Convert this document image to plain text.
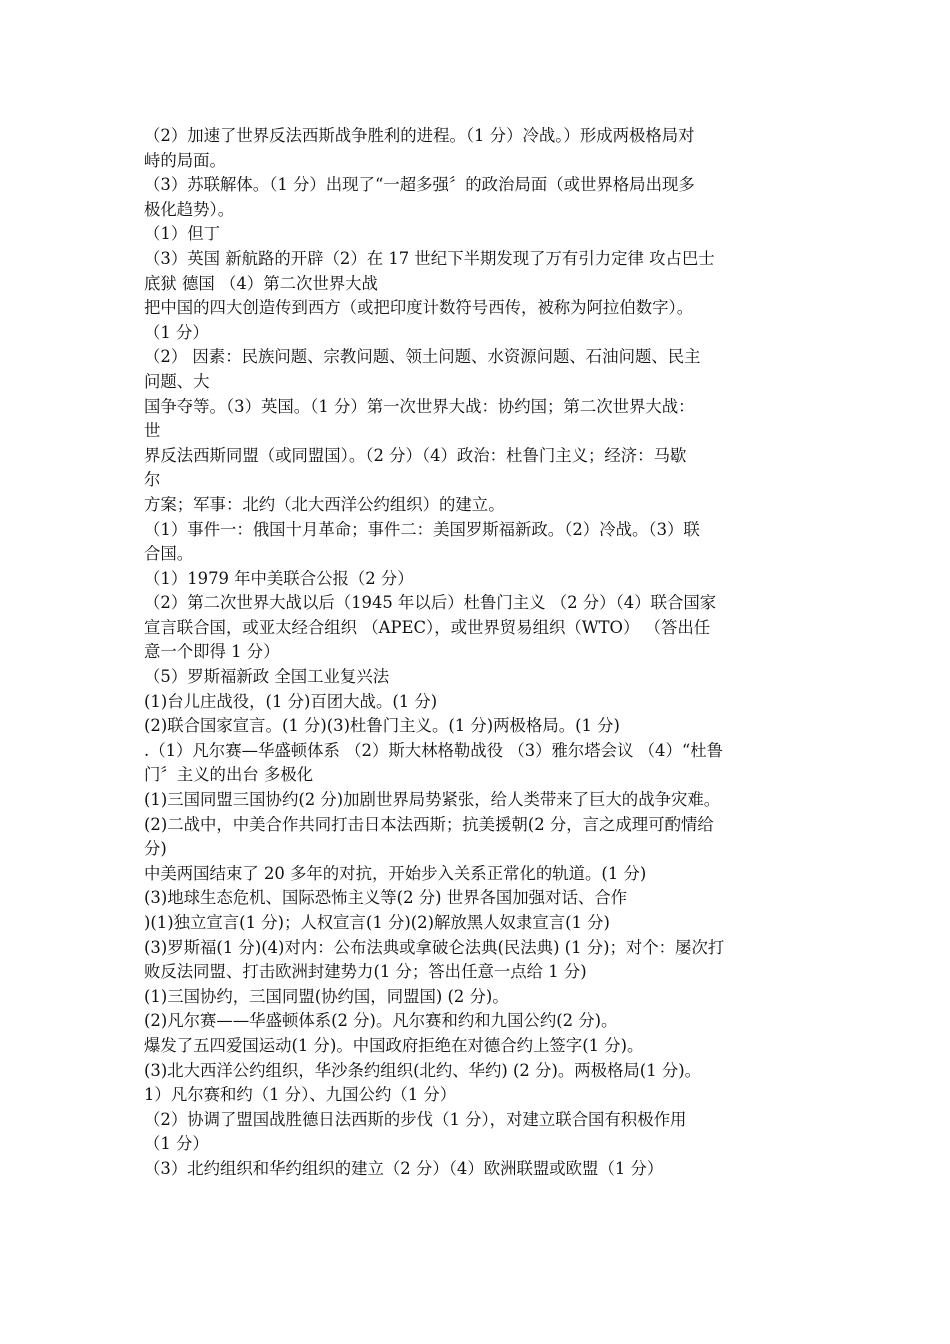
（2）加速了世界反法西斯战争胜利的进程。（1 分）冷战。）形成两极格局对
峙的局面。
（3）苏联解体。（1 分）出现了“一超多强〞的政治局面（或世界格局出现多
极化趋势）。
（1）但丁
（3）英国 新航路的开辟（2）在 17 世纪下半期发现了万有引力定律 攻占巴士
底狱 德国 （4）第二次世界大战
把中国的四大创造传到西方（或把印度计数符号西传，被称为阿拉伯数字）。
（1 分）
（2） 因素：民族问题、宗教问题、领土问题、水资源问题、石油问题、民主
问题、大
国争夺等。（3）英国。（1 分）第一次世界大战：协约国；第二次世界大战：
世
界反法西斯同盟（或同盟国）。（2 分）（4）政治：杜鲁门主义；经济：马歇
尔
方案；军事：北约（北大西洋公约组织）的建立。
（1）事件一：俄国十月革命；事件二：美国罗斯福新政。（2）冷战。（3）联
合国。
（1）1979 年中美联合公报（2 分）
（2）第二次世界大战以后（1945 年以后）杜鲁门主义 （2 分）（4）联合国家
宣言联合国，或亚太经合组织 （APEC），或世界贸易组织（WTO） （答出任
意一个即得 1 分）
（5）罗斯福新政 全国工业复兴法
(1)台儿庄战役，(1 分)百团大战。(1 分)
(2)联合国家宣言。(1 分)(3)杜鲁门主义。(1 分)两极格局。(1 分)
.（1）凡尔赛—华盛顿体系 （2）斯大林格勒战役 （3）雅尔塔会议 （4）“杜鲁
门〞主义的出台 多极化
(1)三国同盟三国协约(2 分)加剧世界局势紧张，给人类带来了巨大的战争灾难。
(2)二战中，中美合作共同打击日本法西斯；抗美援朝(2 分，言之成理可酌情给
分)
中美两国结束了 20 多年的对抗，开始步入关系正常化的轨道。(1 分)
(3)地球生态危机、国际恐怖主义等(2 分) 世界各国加强对话、合作
)(1)独立宣言(1 分)；人权宣言(1 分)(2)解放黑人奴隶宣言(1 分)
(3)罗斯福(1 分)(4)对内：公布法典或拿破仑法典(民法典) (1 分)；对个：屡次打
败反法同盟、打击欧洲封建势力(1 分；答出任意一点给 1 分)
(1)三国协约，三国同盟(协约国，同盟国) (2 分)。
(2)凡尔赛——华盛顿体系(2 分)。凡尔赛和约和九国公约(2 分)。
爆发了五四爱国运动(1 分)。中国政府拒绝在对德合约上签字(1 分)。
(3)北大西洋公约组织，华沙条约组织(北约、华约) (2 分)。两极格局(1 分)。
1）凡尔赛和约（1 分）、九国公约（1 分）
（2）协调了盟国战胜德日法西斯的步伐（1 分），对建立联合国有积极作用
（1 分）
（3）北约组织和华约组织的建立（2 分）（4）欧洲联盟或欧盟（1 分）
